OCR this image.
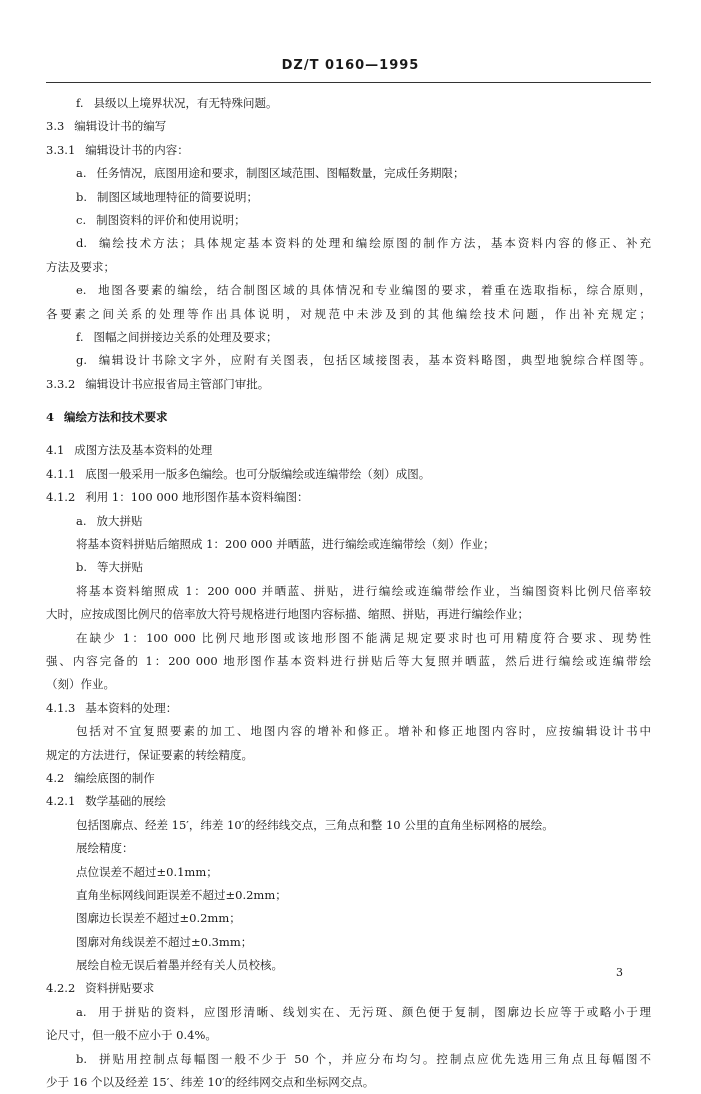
DZ/T 0160—1995
f. 县级以上境界状况，有无特殊问题。
3.3 编辑设计书的编写
3.3.1 编辑设计书的内容：
a. 任务情况，底图用途和要求，制图区域范围、图幅数量，完成任务期限；
b. 制图区域地理特征的简要说明；
c. 制图资料的评价和使用说明；
d. 编绘技术方法；具体规定基本资料的处理和编绘原图的制作方法，基本资料内容的修正、补充
方法及要求；
e. 地图各要素的编绘，结合制图区域的具体情况和专业编图的要求，着重在选取指标，综合原则，
各要素之间关系的处理等作出具体说明，对规范中未涉及到的其他编绘技术问题，作出补充规定；
f. 图幅之间拼接边关系的处理及要求；
g. 编辑设计书除文字外，应附有关图表，包括区域接图表，基本资料略图，典型地貌综合样图等。
3.3.2 编辑设计书应报省局主管部门审批。
4 编绘方法和技术要求
4.1 成图方法及基本资料的处理
4.1.1 底图一般采用一版多色编绘。也可分版编绘或连编带绘（刻）成图。
4.1.2 利用 1：100 000 地形图作基本资料编图：
a. 放大拼贴
将基本资料拼贴后缩照成 1：200 000 并晒蓝，进行编绘或连编带绘（刻）作业；
b. 等大拼贴
将基本资料缩照成 1：200 000 并晒蓝、拼贴，进行编绘或连编带绘作业，当编图资料比例尺倍率较
大时，应按成图比例尺的倍率放大符号规格进行地图内容标描、缩照、拼贴，再进行编绘作业；
在缺少 1：100 000 比例尺地形图或该地形图不能满足规定要求时也可用精度符合要求、现势性
强、内容完备的 1：200 000 地形图作基本资料进行拼贴后等大复照并晒蓝，然后进行编绘或连编带绘
（刻）作业。
4.1.3 基本资料的处理：
包括对不宜复照要素的加工、地图内容的增补和修正。增补和修正地图内容时，应按编辑设计书中
规定的方法进行，保证要素的转绘精度。
4.2 编绘底图的制作
4.2.1 数学基础的展绘
包括图廓点、经差 15′，纬差 10′的经纬线交点，三角点和整 10 公里的直角坐标网格的展绘。
展绘精度：
点位误差不超过±0.1mm；
直角坐标网线间距误差不超过±0.2mm；
图廓边长误差不超过±0.2mm；
图廓对角线误差不超过±0.3mm；
展绘自检无误后着墨并经有关人员校核。
4.2.2 资料拼贴要求
a. 用于拼贴的资料，应图形清晰、线划实在、无污斑、颜色便于复制，图廓边长应等于或略小于理
论尺寸，但一般不应小于 0.4%。
b. 拼贴用控制点每幅图一般不少于 50 个，并应分布均匀。控制点应优先选用三角点且每幅图不
少于 16 个以及经差 15′、纬差 10′的经纬网交点和坐标网交点。
3
